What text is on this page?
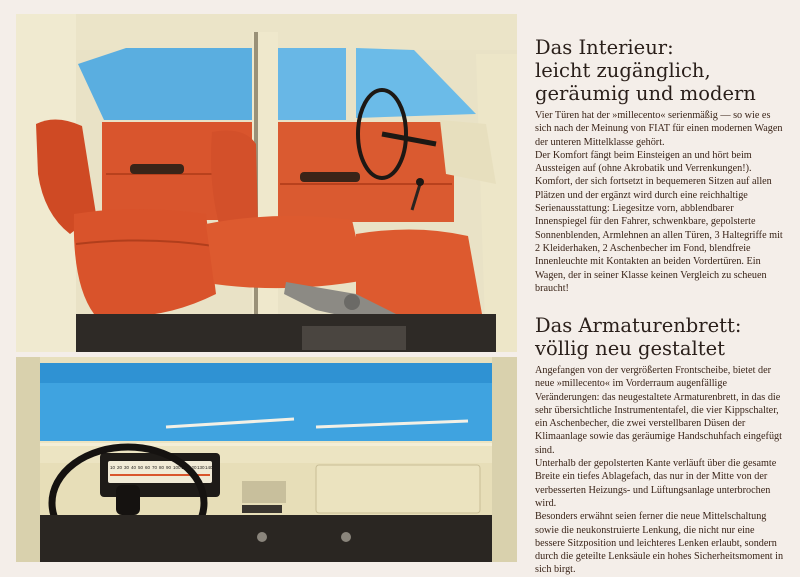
10 20 30 40 50 60 70 80 90 100 110 120 130 140
Das Interieur:
leicht zugänglich,
geräumig und modern

Vier Türen hat der »millecento« serienmäßig — so wie es sich nach der Meinung von FIAT für einen modernen Wagen der unteren Mittelklasse gehört.

Der Komfort fängt beim Einsteigen an und hört beim Aussteigen auf (ohne Akrobatik und Verrenkungen!). Komfort, der sich fortsetzt in bequemeren Sitzen auf allen Plätzen und der ergänzt wird durch eine reichhaltige Serienausstattung: Liegesitze vorn, abblendbarer Innenspiegel für den Fahrer, schwenkbare, gepolsterte Sonnenblenden, Armlehnen an allen Türen, 3 Haltegriffe mit 2 Kleiderhaken, 2 Aschenbecher im Fond, blendfreie Innenleuchte mit Kontakten an beiden Vordertüren. Ein Wagen, der in seiner Klasse keinen Vergleich zu scheuen braucht!

Das Armaturenbrett:
völlig neu gestaltet

Angefangen von der vergrößerten Frontscheibe, bietet der neue »millecento« im Vorderraum augenfällige Veränderungen: das neugestaltete Armaturenbrett, in das die sehr übersichtliche Instrumententafel, die vier Kippschalter, ein Aschenbecher, die zwei verstellbaren Düsen der Klimaanlage sowie das geräumige Handschuhfach eingefügt sind.

Unterhalb der gepolsterten Kante verläuft über die gesamte Breite ein tiefes Ablagefach, das nur in der Mitte von der verbesserten Heizungs- und Lüftungsanlage unterbrochen wird.

Besonders erwähnt seien ferner die neue Mittelschaltung sowie die neukonstruierte Lenkung, die nicht nur eine bessere Sitzposition und leichteres Lenken erlaubt, sondern durch die geteilte Lenksäule ein hohes Sicherheitsmoment in sich birgt.
